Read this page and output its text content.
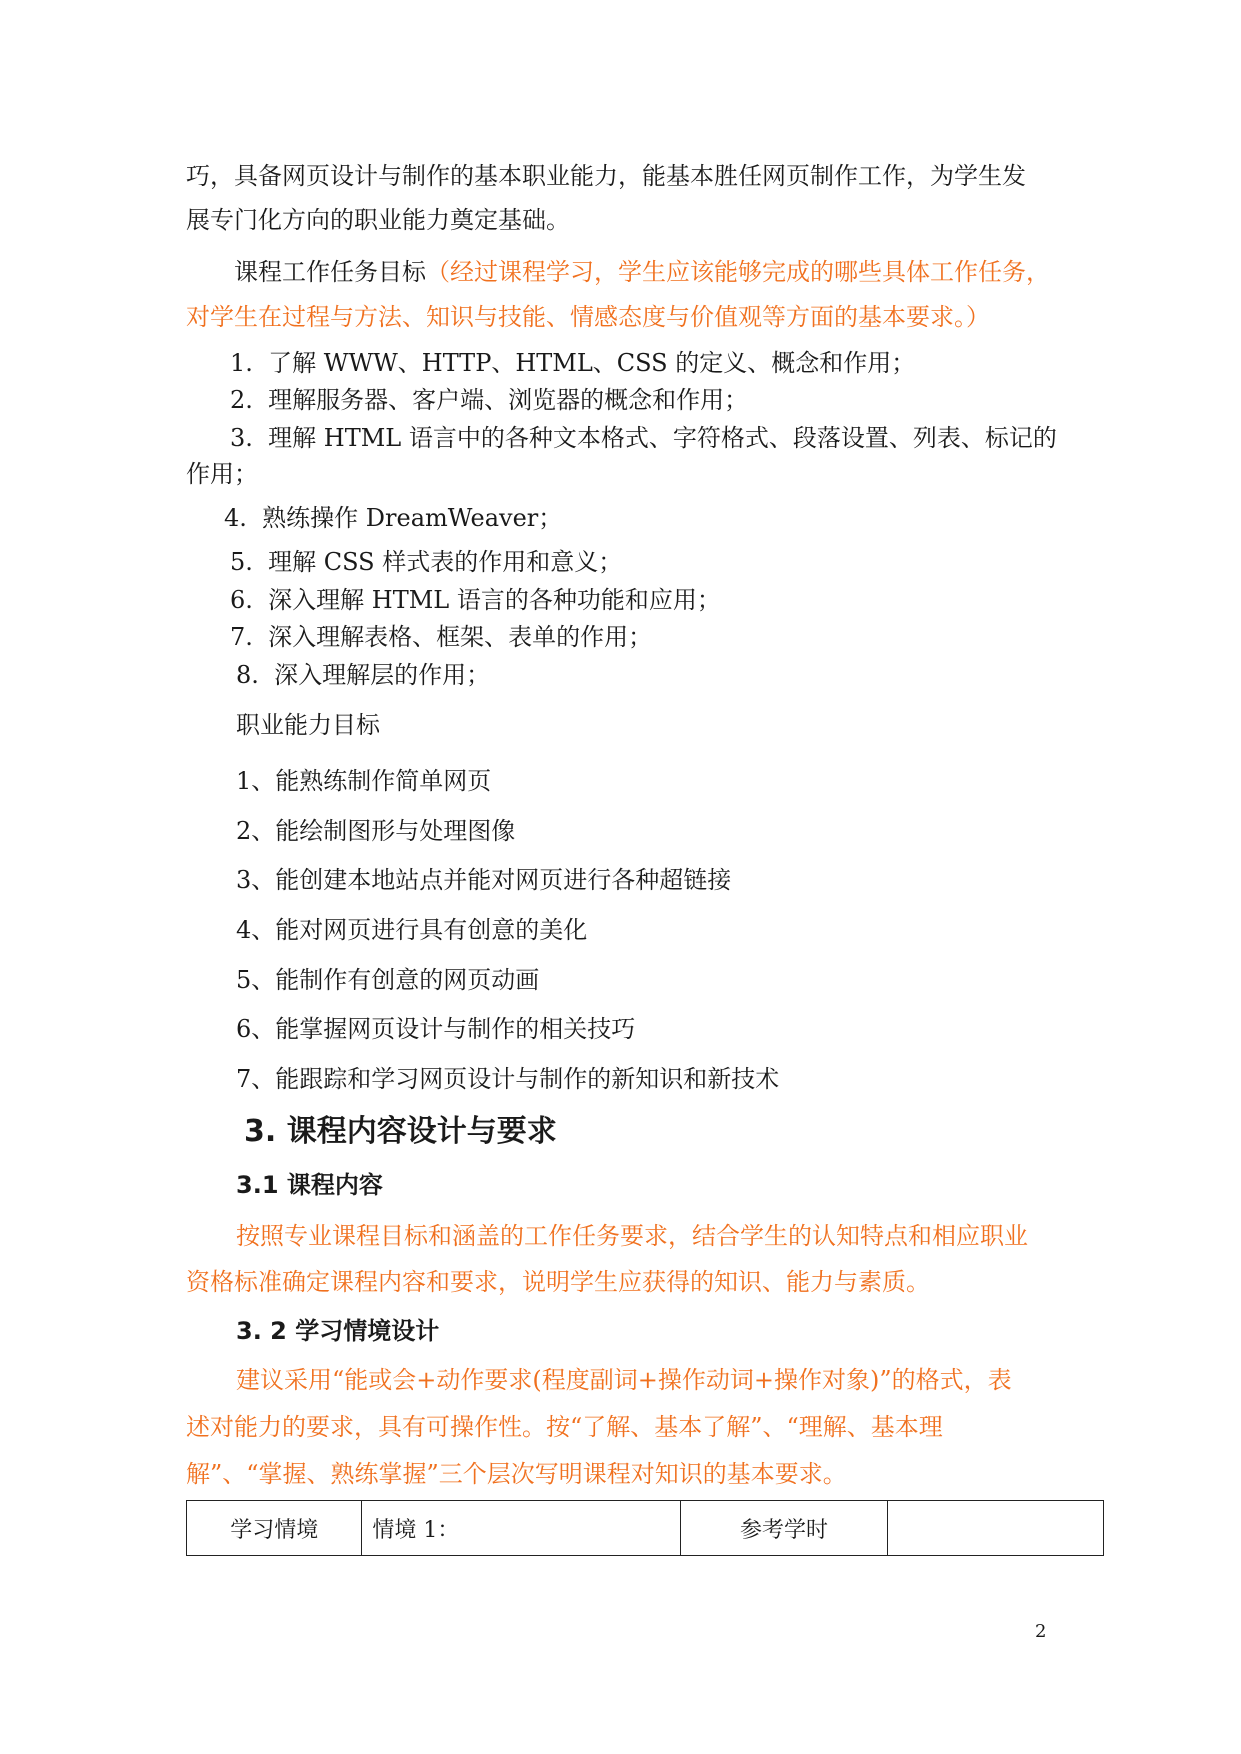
巧，具备网页设计与制作的基本职业能力，能基本胜任网页制作工作，为学生发
展专门化方向的职业能力奠定基础。
课程工作任务目标（经过课程学习，学生应该能够完成的哪些具体工作任务，
对学生在过程与方法、知识与技能、情感态度与价值观等方面的基本要求。）
1. 了解 WWW、HTTP、HTML、CSS 的定义、概念和作用；
2. 理解服务器、客户端、浏览器的概念和作用；
3. 理解 HTML 语言中的各种文本格式、字符格式、段落设置、列表、标记的
作用；
4. 熟练操作 DreamWeaver；
5. 理解 CSS 样式表的作用和意义；
6. 深入理解 HTML 语言的各种功能和应用；
7. 深入理解表格、框架、表单的作用；
8. 深入理解层的作用；
职业能力目标
1、能熟练制作简单网页
2、能绘制图形与处理图像
3、能创建本地站点并能对网页进行各种超链接
4、能对网页进行具有创意的美化
5、能制作有创意的网页动画
6、能掌握网页设计与制作的相关技巧
7、能跟踪和学习网页设计与制作的新知识和新技术
3. 课程内容设计与要求
3.1 课程内容
按照专业课程目标和涵盖的工作任务要求，结合学生的认知特点和相应职业
资格标准确定课程内容和要求，说明学生应获得的知识、能力与素质。
3. 2 学习情境设计
建议采用“能或会+动作要求(程度副词+操作动词+操作对象)”的格式，表
述对能力的要求，具有可操作性。按“了解、基本了解”、“理解、基本理
解”、“掌握、熟练掌握”三个层次写明课程对知识的基本要求。
学习情境	情境 1：	参考学时	
2
